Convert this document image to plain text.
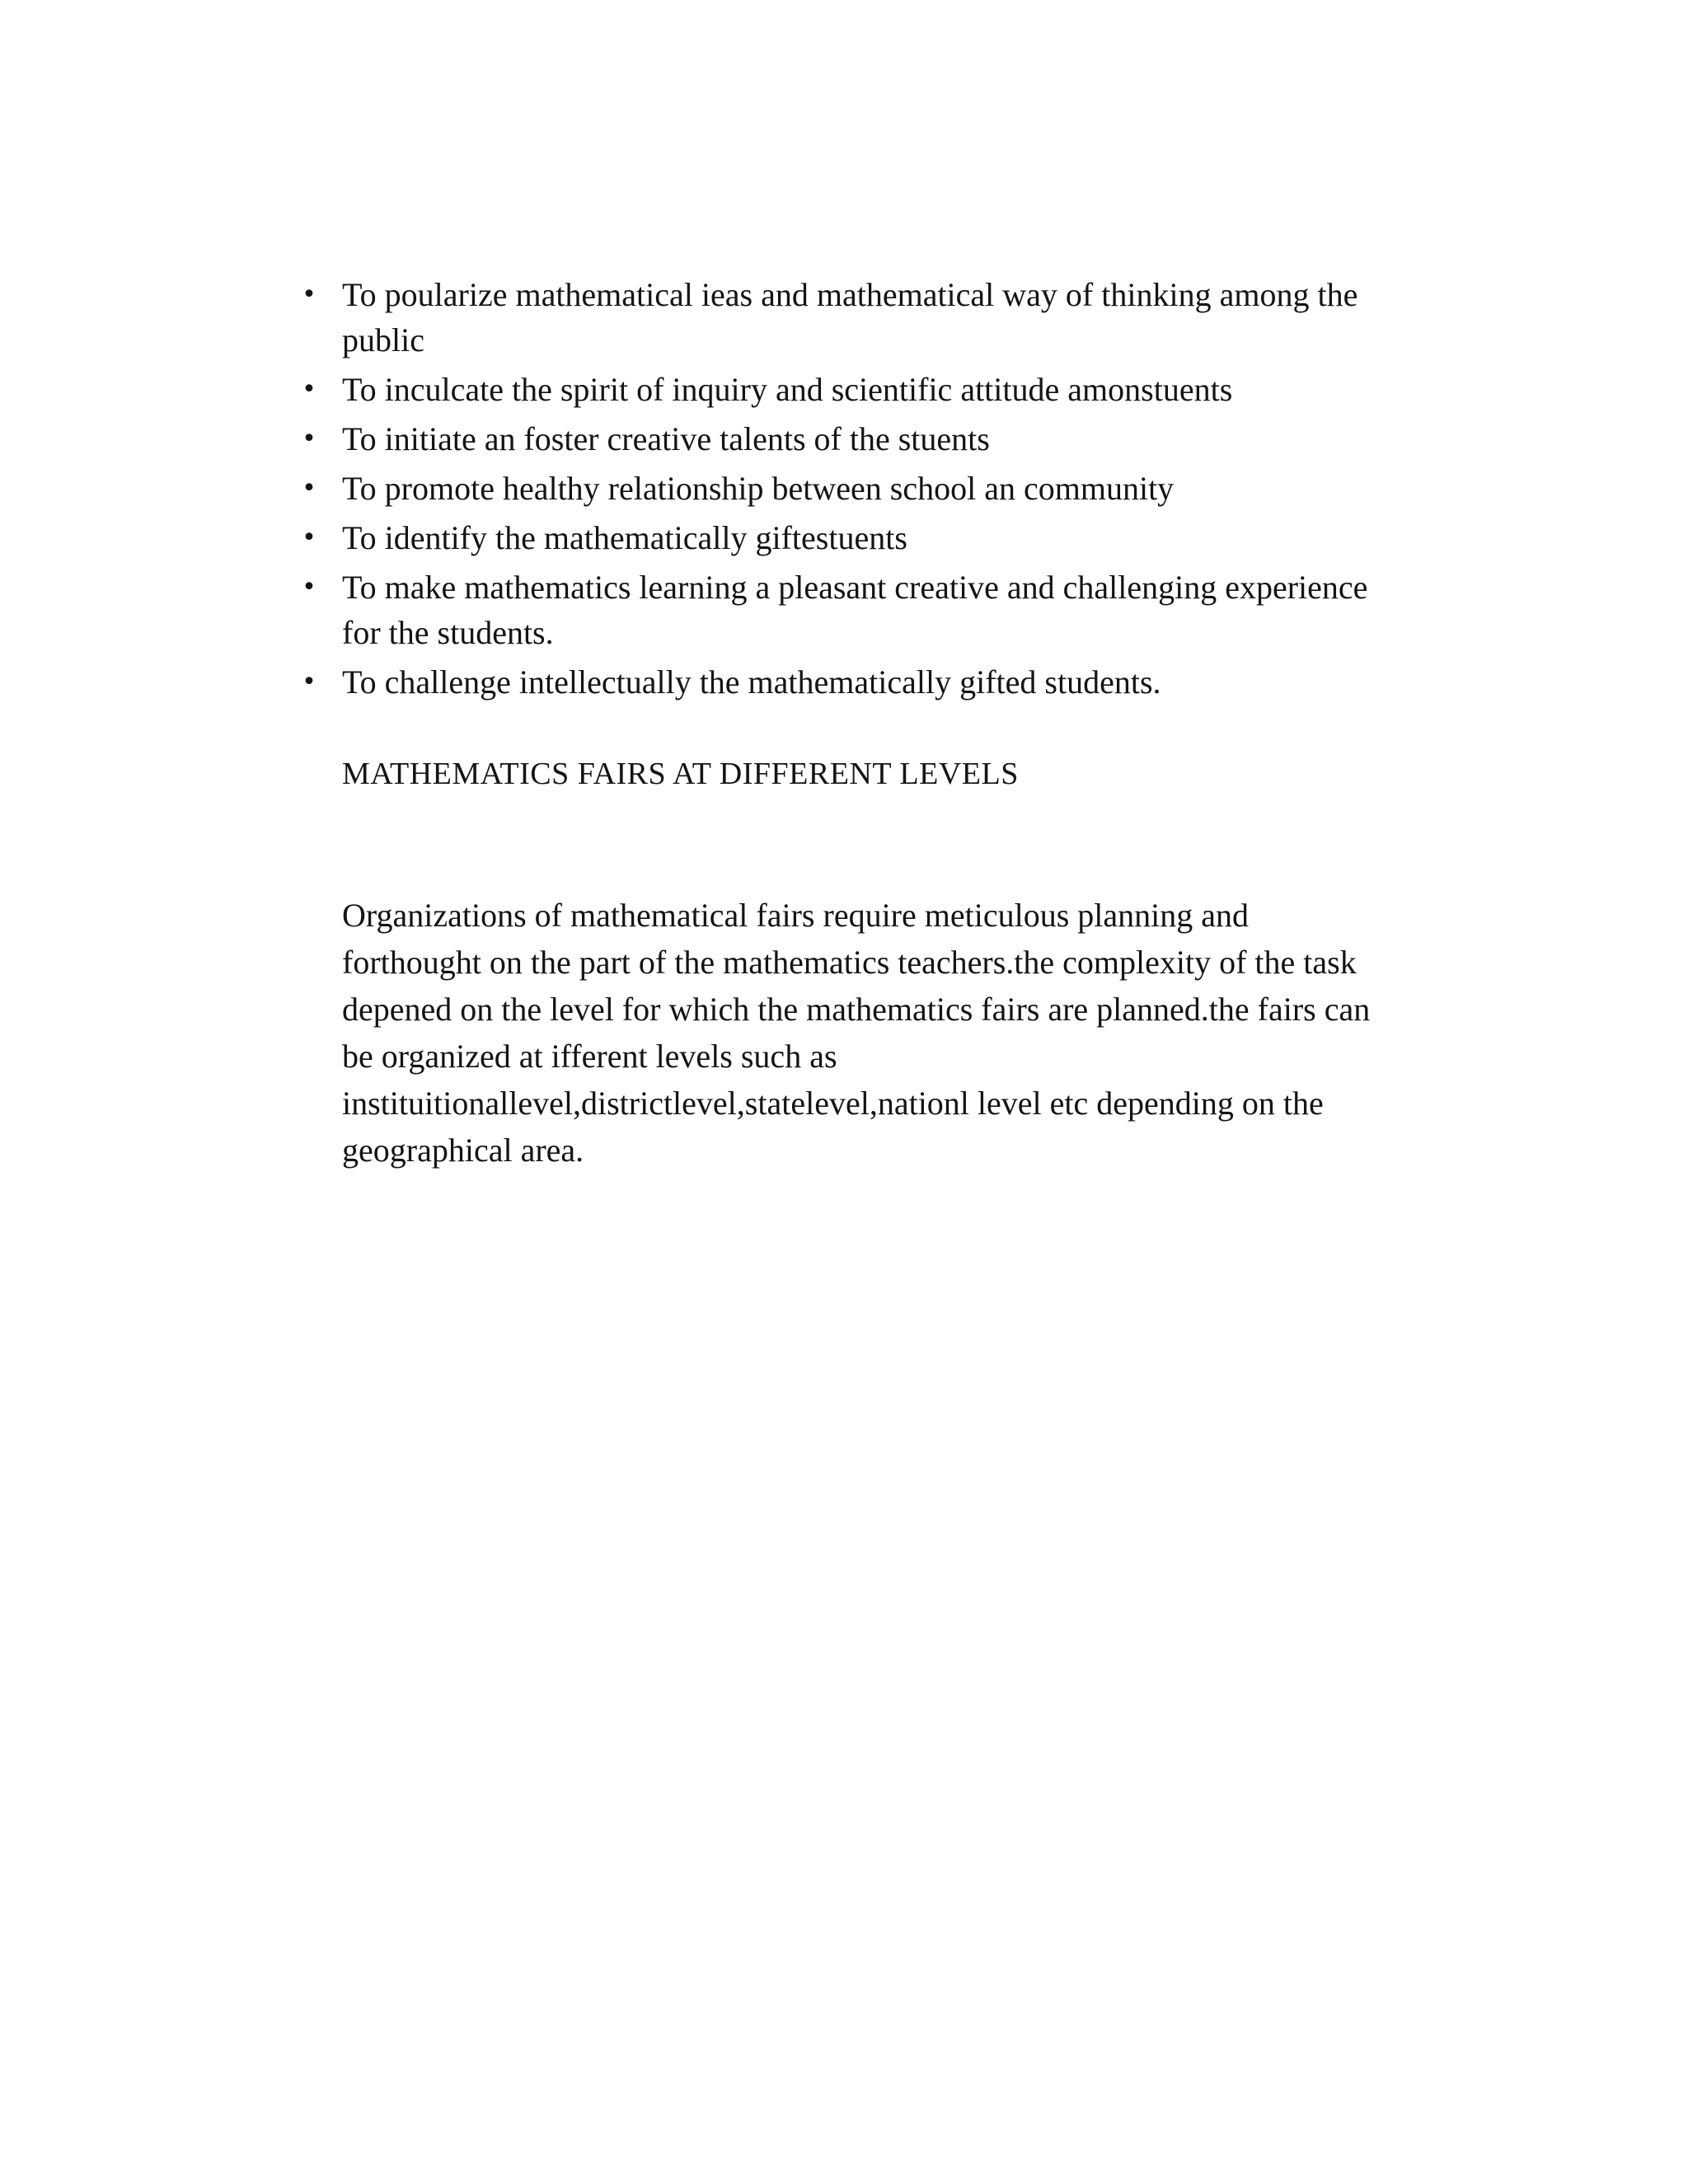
• To poularize mathematical ieas and mathematical way of thinking among the
public
• To inculcate the spirit of inquiry and scientific attitude amonstuents
• To initiate an foster creative talents of the stuents
• To promote healthy relationship between school an community
• To identify the mathematically giftestuents
• To make mathematics learning a pleasant creative and challenging experience
for the students.
• To challenge intellectually the mathematically gifted students.
MATHEMATICS FAIRS AT DIFFERENT LEVELS

Organizations of mathematical fairs require meticulous planning and
forthought on the part of the mathematics teachers.the complexity of the task
depened on the level for which the mathematics fairs are planned.the fairs can
be organized at ifferent levels such as
instituitionallevel,districtlevel,statelevel,nationl level etc depending on the
geographical area.
